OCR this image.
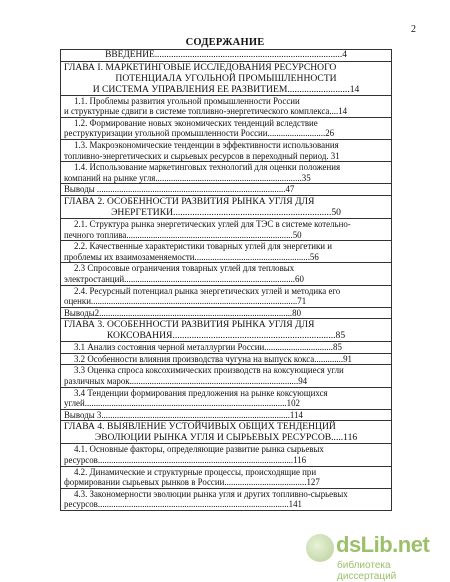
2
СОДЕРЖАНИЕ
ВВЕДЕНИЕ................................................................................4
ГЛАВА I. МАРКЕТИНГОВЫЕ ИССЛЕДОВАНИЯ РЕСУРСНОГО
ПОТЕНЦИАЛА УГОЛЬНОЙ ПРОМЫШЛЕННОСТИ
И СИСТЕМА УПРАВЛЕНИЯ ЕЕ РАЗВИТИЕМ..........................14
1.1. Проблемы развития угольной промышленности России
и структурные сдвиги в системе топливно-энергетического комплекса....14
1.2. Формирование новых экономических тенденций вследствие
реструктуризации угольной промышленности России..........................26
1.3. Макроэкономические тенденции в эффективности использования
топливно-энергетических и сырьевых ресурсов в переходный период. 31
1.4. Использование маркетинговых технологий для оценки положения
компаний на рынке угля..................................................................35
Выводы .....................................................................................47
ГЛАВА 2. ОСОБЕННОСТИ РАЗВИТИЯ РЫНКА УГЛЯ ДЛЯ
ЭНЕРГЕТИКИ..................................................................50
2.1. Структура рынка энергетических углей для ТЭС в системе котельно-
печного топлива...........................................................................50
2.2. Качественные характеристики товарных углей для энергетики и
проблемы их взаимозаменяемости....................................................56
2.3 Спросовые ограничения товарных углей для тепловых
электростанций.............................................................................60
2.4. Ресурсный потенциал рынка энергетических углей и методика его
оценки.............................................................................................71
Выводы2.......................................................................................80
ГЛАВА 3. ОСОБЕННОСТИ РАЗВИТИЯ РЫНКА УГЛЯ ДЛЯ
КОКСОВАНИЯ....................................................................85
3.1 Анализ состояния черной металлургии России...............................85
3.2 Особенности влияния производства чугуна на выпуск кокса.............91
3.3 Оценка спроса коксохимических производств на коксующиеся угли
различных марок............................................................................94
3.4 Тенденции формирования предложения на рынке коксующихся
углей...........................................................................................102
Выводы 3.....................................................................................114
ГЛАВА 4. ВЫЯВЛЕНИЕ УСТОЙЧИВЫХ ОБЩИХ ТЕНДЕНЦИЙ
ЭВОЛЮЦИИ РЫНКА УГЛЯ И СЫРЬЕВЫХ РЕСУРСОВ.....116
4.1. Основные факторы, определяющие развитие рынка сырьевых
ресурсов........................................................................................116
4.2. Динамические и структурные процессы, происходящие при
формировании сырьевых рынков в России.....................................127
4.3. Закономерности эволюции рынка угля и других топливно-сырьевых
ресурсов......................................................................................141
dsLib.net
библиотека диссертаций
